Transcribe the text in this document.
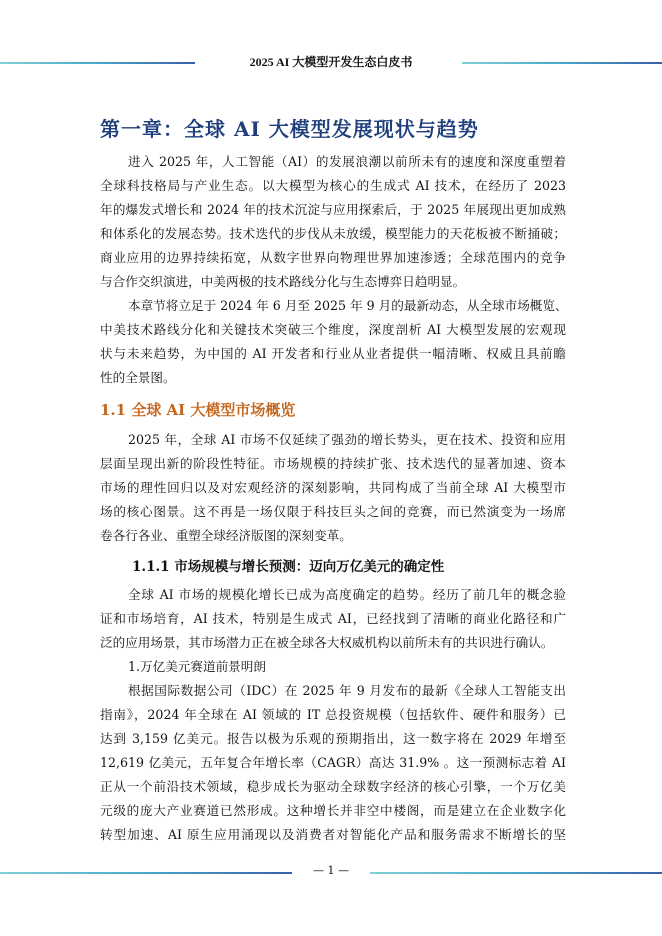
2025 AI 大模型开发生态白皮书
第一章：全球 AI 大模型发展现状与趋势
1.1 全球 AI 大模型市场概览
1.1.1 市场规模与增长预测：迈向万亿美元的确定性
进入 2025 年，人工智能（AI）的发展浪潮以前所未有的速度和深度重塑着
全球科技格局与产业生态。以大模型为核心的生成式 AI 技术，在经历了 2023
年的爆发式增长和 2024 年的技术沉淀与应用探索后，于 2025 年展现出更加成熟
和体系化的发展态势。技术迭代的步伐从未放缓，模型能力的天花板被不断捅破；
商业应用的边界持续拓宽，从数字世界向物理世界加速渗透；全球范围内的竞争
与合作交织演进，中美两极的技术路线分化与生态博弈日趋明显。
本章节将立足于 2024 年 6 月至 2025 年 9 月的最新动态，从全球市场概览、
中美技术路线分化和关键技术突破三个维度，深度剖析 AI 大模型发展的宏观现
状与未来趋势，为中国的 AI 开发者和行业从业者提供一幅清晰、权威且具前瞻
性的全景图。
2025 年，全球 AI 市场不仅延续了强劲的增长势头，更在技术、投资和应用
层面呈现出新的阶段性特征。市场规模的持续扩张、技术迭代的显著加速、资本
市场的理性回归以及对宏观经济的深刻影响，共同构成了当前全球 AI 大模型市
场的核心图景。这不再是一场仅限于科技巨头之间的竞赛，而已然演变为一场席
卷各行各业、重塑全球经济版图的深刻变革。
全球 AI 市场的规模化增长已成为高度确定的趋势。经历了前几年的概念验
证和市场培育，AI 技术，特别是生成式 AI，已经找到了清晰的商业化路径和广
泛的应用场景，其市场潜力正在被全球各大权威机构以前所未有的共识进行确认。
1.万亿美元赛道前景明朗
根据国际数据公司（IDC）在 2025 年 9 月发布的最新《全球人工智能支出
指南》，2024 年全球在 AI 领域的 IT 总投资规模（包括软件、硬件和服务）已
达到 3,159 亿美元。报告以极为乐观的预期指出，这一数字将在 2029 年增至
12,619 亿美元，五年复合年增长率（CAGR）高达 31.9% 。这一预测标志着 AI
正从一个前沿技术领域，稳步成长为驱动全球数字经济的核心引擎，一个万亿美
元级的庞大产业赛道已然形成。这种增长并非空中楼阁，而是建立在企业数字化
转型加速、AI 原生应用涌现以及消费者对智能化产品和服务需求不断增长的坚
— 1 —
